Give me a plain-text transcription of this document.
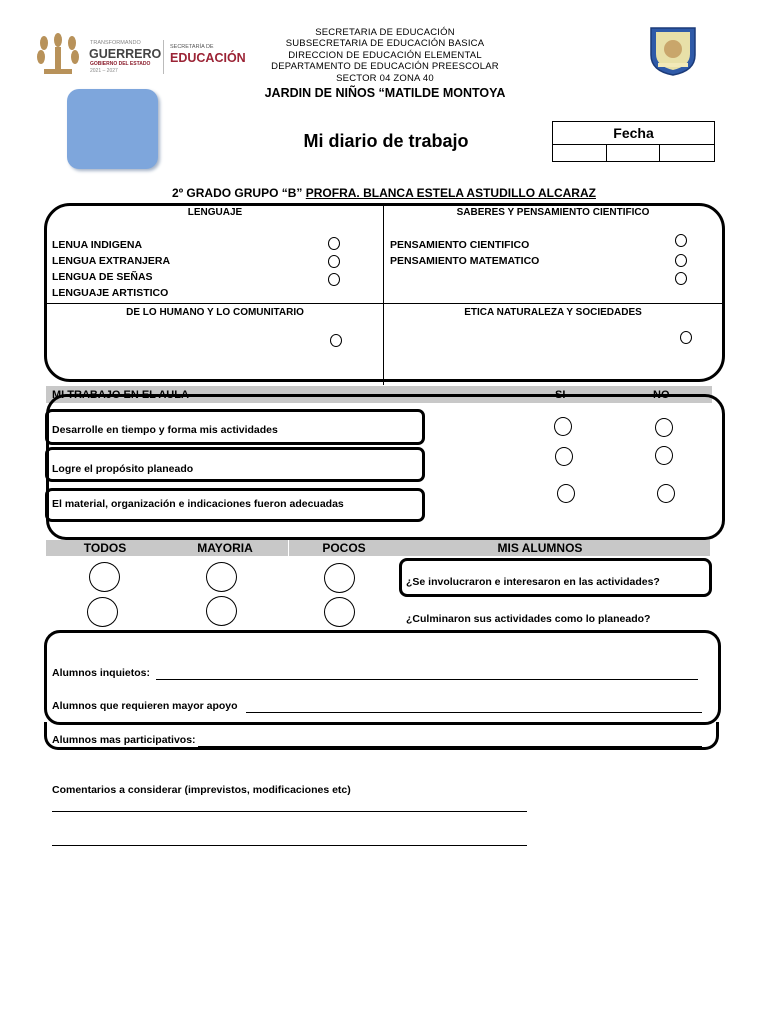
TRANSFORMANDO
GUERRERO
GOBIERNO DEL ESTADO
2021 – 2027
SECRETARÍA DE
EDUCACIÓN
SECRETARIA DE EDUCACIÓN
SUBSECRETARIA DE EDUCACIÓN BASICA
DIRECCION DE EDUCACIÓN ELEMENTAL
DEPARTAMENTO DE EDUCACIÓN PREESCOLAR
SECTOR 04 ZONA 40
JARDIN DE NIÑOS “MATILDE MONTOYA
Mi diario de trabajo	Fecha
2º GRADO GRUPO “B” PROFRA. BLANCA ESTELA ASTUDILLO ALCARAZ
LENGUAJE	SABERES Y PENSAMIENTO CIENTIFICO
LENUA INDIGENA
LENGUA EXTRANJERA
LENGUA DE SEÑAS
LENGUAJE ARTISTICO
PENSAMIENTO CIENTIFICO
PENSAMIENTO MATEMATICO
DE LO HUMANO Y LO COMUNITARIO	ETICA NATURALEZA Y SOCIEDADES
MI TRABAJO EN EL AULA	SI	NO
Desarrolle en tiempo y forma mis actividades
Logre el propósito planeado
El material, organización e indicaciones fueron adecuadas
TODOS	MAYORIA	POCOS	MIS ALUMNOS
¿Se involucraron e interesaron en las actividades?
¿Culminaron sus actividades como lo planeado?
Alumnos inquietos:
Alumnos que requieren mayor apoyo
Alumnos mas participativos:
Comentarios a considerar (imprevistos, modificaciones etc)
